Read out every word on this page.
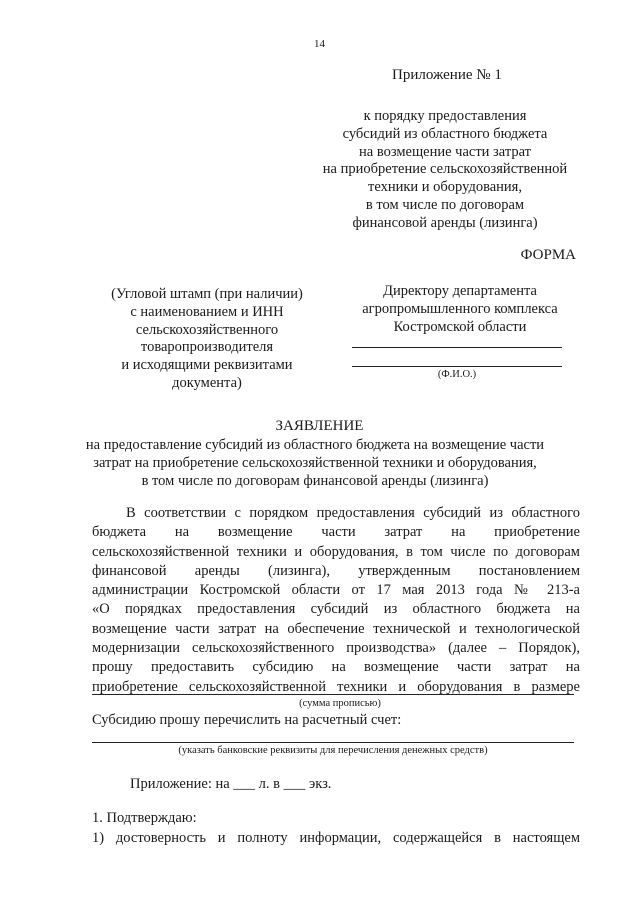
14
Приложение № 1
к порядку предоставления
субсидий из областного бюджета
на возмещение части затрат
на приобретение сельскохозяйственной
техники и оборудования,
в том числе по договорам
финансовой аренды (лизинга)
ФОРМА
(Угловой штамп (при наличии)
с наименованием и ИНН
сельскохозяйственного
товаропроизводителя
и исходящими реквизитами
документа)
Директору департамента
агропромышленного комплекса
Костромской области
(Ф.И.О.)
ЗАЯВЛЕНИЕ
на предоставление субсидий из областного бюджета на возмещение части
затрат на приобретение сельскохозяйственной техники и оборудования,
в том числе по договорам финансовой аренды (лизинга)
В соответствии с порядком предоставления субсидий из областного
бюджета на возмещение части затрат на приобретение
сельскохозяйственной техники и оборудования, в том числе по договорам
финансовой аренды (лизинга), утвержденным постановлением
администрации Костромской области от 17 мая 2013 года № 213-а
«О порядках предоставления субсидий из областного бюджета на
возмещение части затрат на обеспечение технической и технологической
модернизации сельскохозяйственного производства» (далее – Порядок),
прошу предоставить субсидию на возмещение части затрат на
приобретение сельскохозяйственной техники и оборудования в размере
(сумма прописью)
Субсидию прошу перечислить на расчетный счет:
(указать банковские реквизиты для перечисления денежных средств)
Приложение: на ___ л. в ___ экз.
1. Подтверждаю:
1) достоверность и полноту информации, содержащейся в настоящем
